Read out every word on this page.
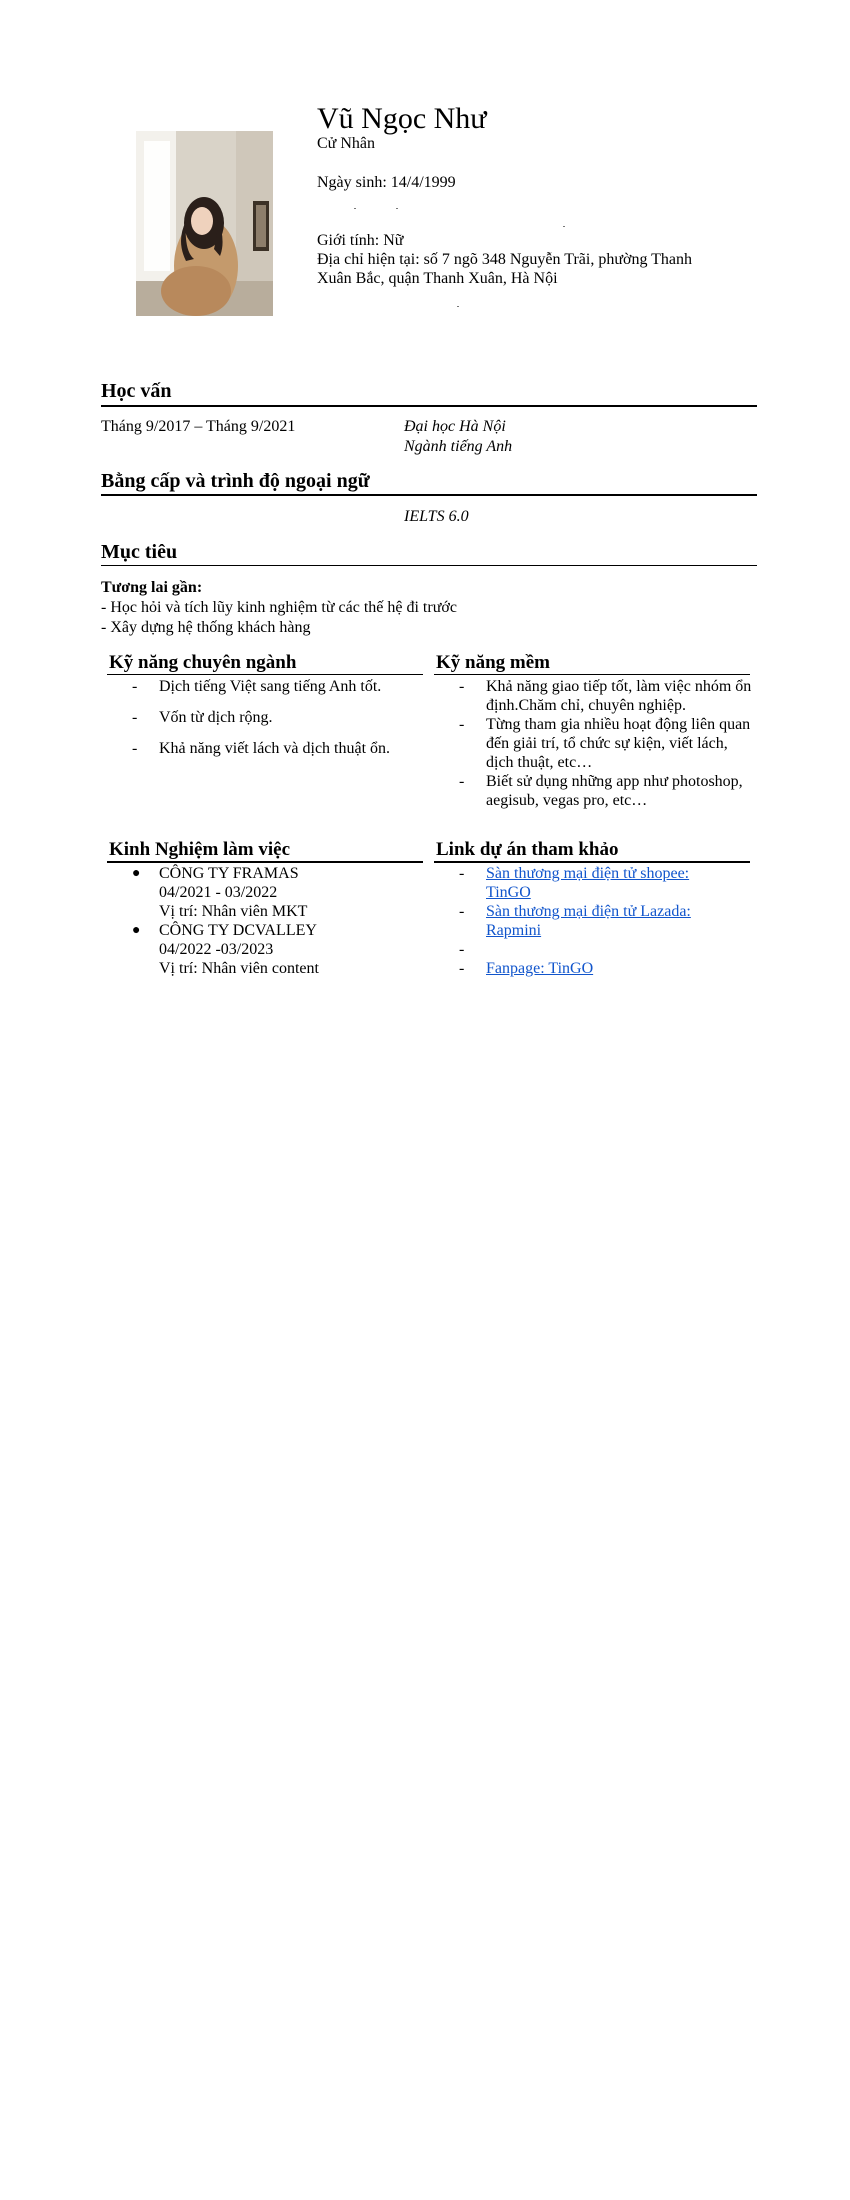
Vũ Ngọc Như
Cử Nhân
Ngày sinh: 14/4/1999
Giới tính: Nữ
Địa chỉ hiện tại: số 7 ngõ 348 Nguyễn Trãi, phường Thanh
Xuân Bắc, quận Thanh Xuân, Hà Nội
Học vấn
Tháng 9/2017 – Tháng 9/2021	Đại học Hà Nội
Ngành tiếng Anh
Bằng cấp và trình độ ngoại ngữ
IELTS 6.0
Mục tiêu
Tương lai gần:
- Học hỏi và tích lũy kinh nghiệm từ các thế hệ đi trước
- Xây dựng hệ thống khách hàng
Kỹ năng chuyên ngành
- Dịch tiếng Việt sang tiếng Anh tốt.
- Vốn từ dịch rộng.
- Khả năng viết lách và dịch thuật ổn.
Kỹ năng mềm
- Khả năng giao tiếp tốt, làm việc nhóm ổn định.Chăm chỉ, chuyên nghiệp.
- Từng tham gia nhiều hoạt động liên quan đến giải trí, tổ chức sự kiện, viết lách, dịch thuật, etc…
- Biết sử dụng những app như photoshop, aegisub, vegas pro, etc…
Kinh Nghiệm làm việc
● CÔNG TY FRAMAS
04/2021 - 03/2022
Vị trí: Nhân viên MKT
● CÔNG TY DCVALLEY
04/2022 -03/2023
Vị trí: Nhân viên content
Link dự án tham khảo
- Sàn thương mại điện tử shopee: TinGO
- Sàn thương mại điện tử Lazada: Rapmini
-
- Fanpage: TinGO
